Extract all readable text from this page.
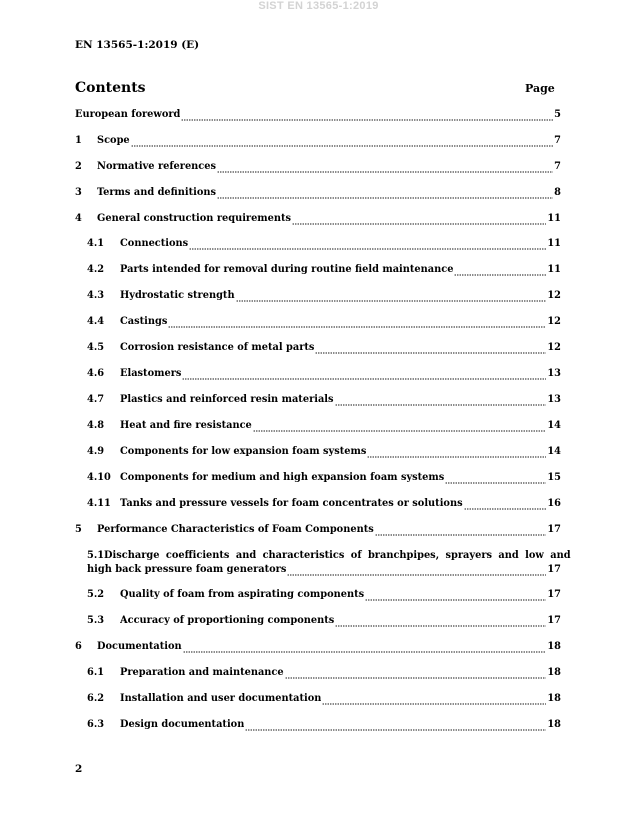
SIST EN 13565-1:2019
EN 13565-1:2019 (E)
Contents	Page
European foreword	5
1	Scope	7
2	Normative references	7
3	Terms and definitions	8
4	General construction requirements	11
4.1	Connections	11
4.2	Parts intended for removal during routine field maintenance	11
4.3	Hydrostatic strength	12
4.4	Castings	12
4.5	Corrosion resistance of metal parts	12
4.6	Elastomers	13
4.7	Plastics and reinforced resin materials	13
4.8	Heat and fire resistance	14
4.9	Components for low expansion foam systems	14
4.10 Components for medium and high expansion foam systems	15
4.11 Tanks and pressure vessels for foam concentrates or solutions	16
5	Performance Characteristics of Foam Components	17
5.1 Discharge coefficients and characteristics of branchpipes, sprayers and low and
high back pressure foam generators	17
5.2	Quality of foam from aspirating components	17
5.3	Accuracy of proportioning components	17
6	Documentation	18
6.1	Preparation and maintenance	18
6.2	Installation and user documentation	18
6.3	Design documentation	18
2
